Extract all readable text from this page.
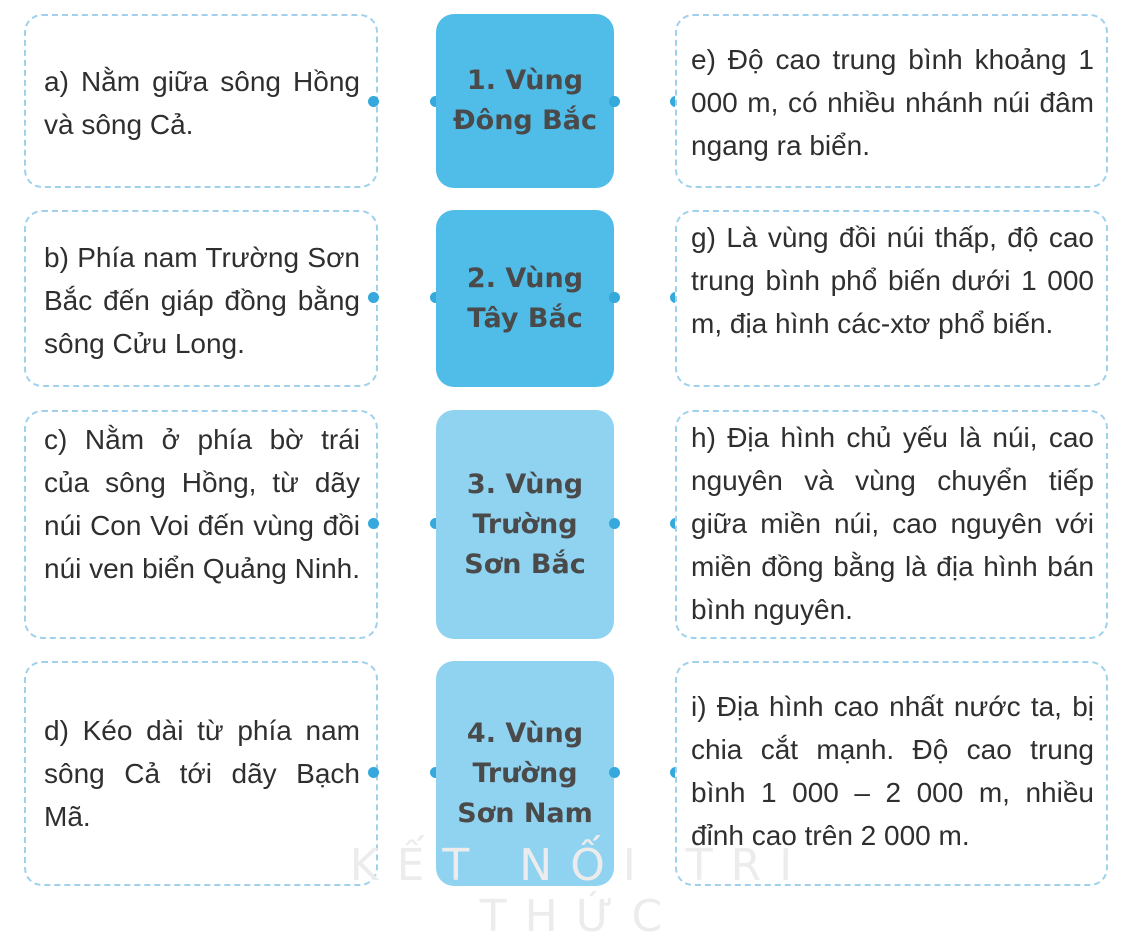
a) Nằm giữa sông Hồng và sông Cả.
1. Vùng Đông Bắc
e) Độ cao trung bình khoảng 1 000 m, có nhiều nhánh núi đâm ngang ra biển.
b) Phía nam Trường Sơn Bắc đến giáp đồng bằng sông Cửu Long.
2. Vùng Tây Bắc
g) Là vùng đồi núi thấp, độ cao trung bình phổ biến dưới 1 000 m, địa hình các-xtơ phổ biến.
c) Nằm ở phía bờ trái của sông Hồng, từ dãy núi Con Voi đến vùng đồi núi ven biển Quảng Ninh.
3. Vùng Trường Sơn Bắc
h) Địa hình chủ yếu là núi, cao nguyên và vùng chuyển tiếp giữa miền núi, cao nguyên với miền đồng bằng là địa hình bán bình nguyên.
d) Kéo dài từ phía nam sông Cả tới dãy Bạch Mã.
4. Vùng Trường Sơn Nam
i) Địa hình cao nhất nước ta, bị chia cắt mạnh. Độ cao trung bình 1 000 – 2 000 m, nhiều đỉnh cao trên 2 000 m.
KẾT NỐI TRI THỨC
